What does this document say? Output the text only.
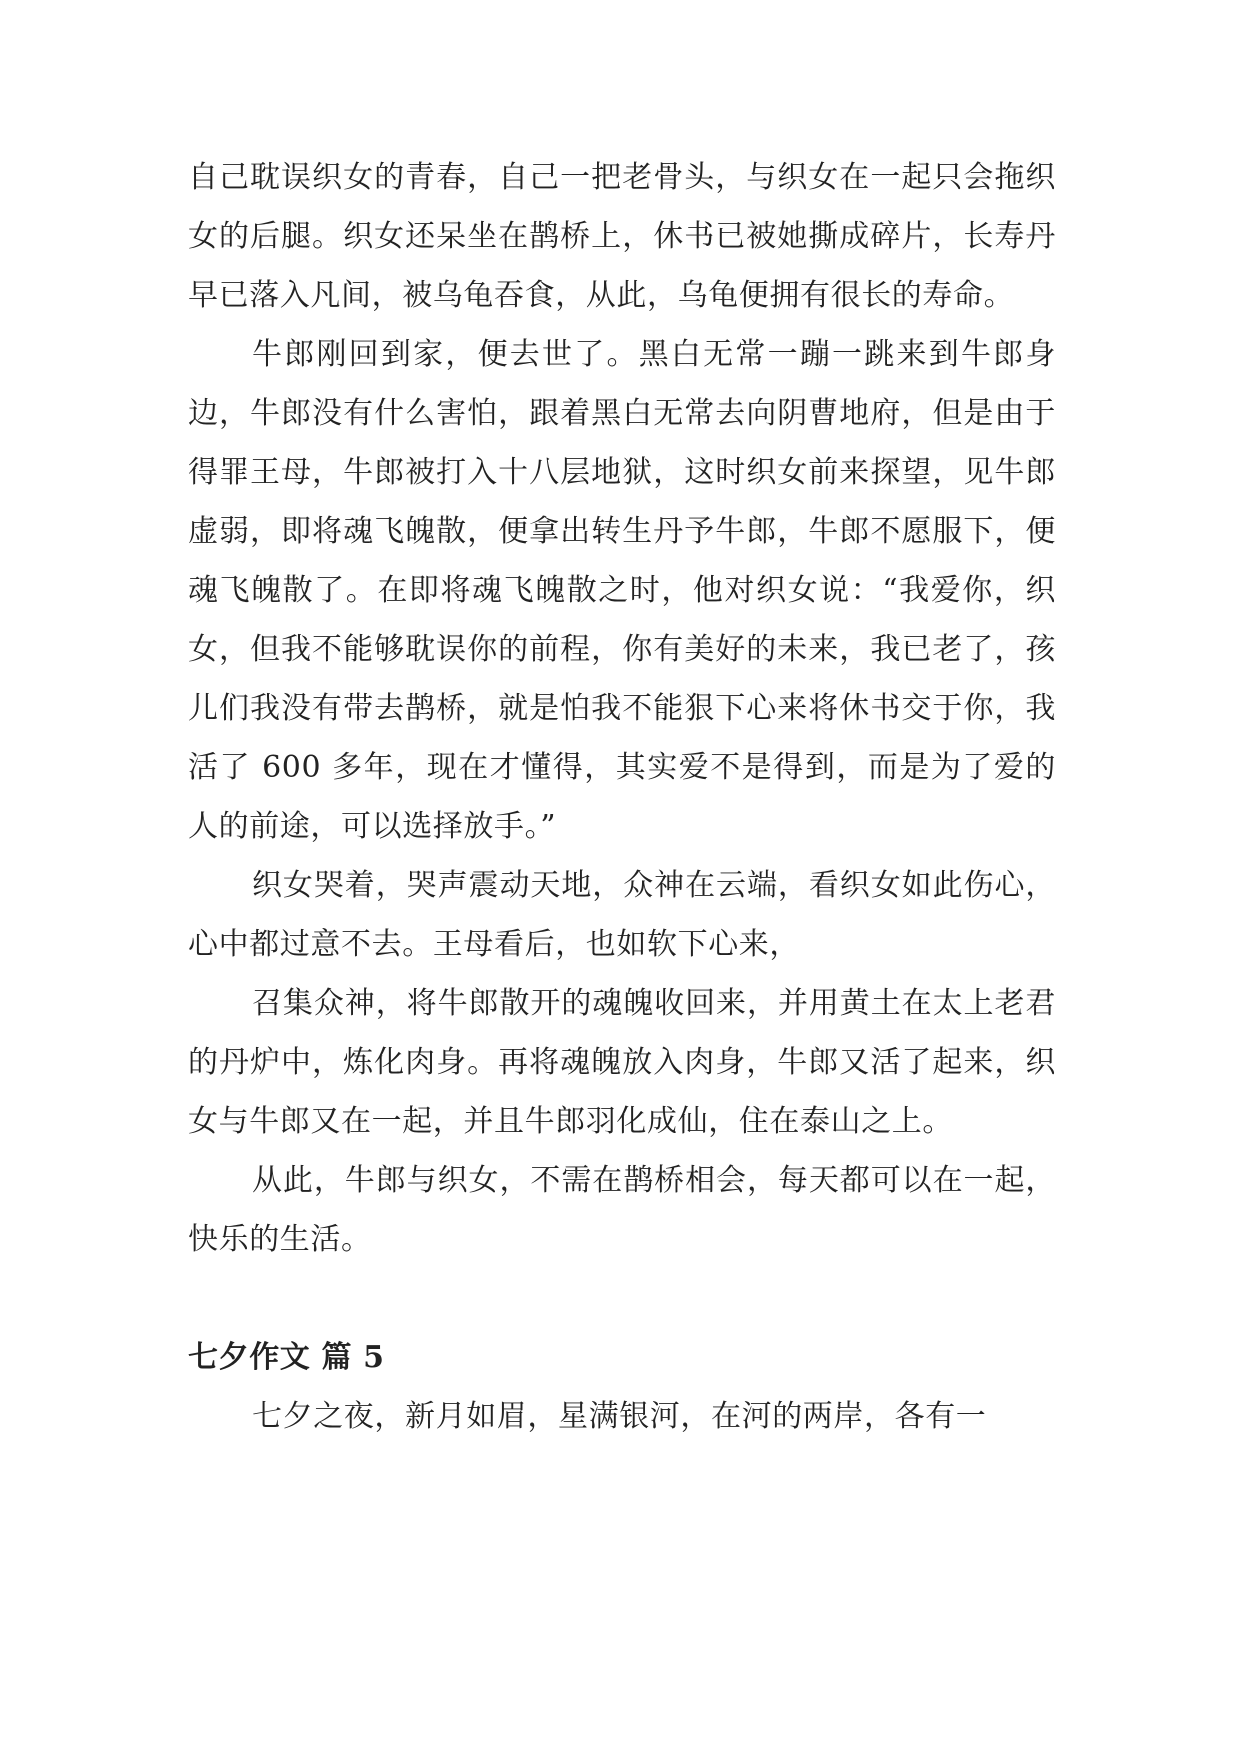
自己耽误织女的青春，自己一把老骨头，与织女在一起只会拖织女的后腿。织女还呆坐在鹊桥上，休书已被她撕成碎片，长寿丹早已落入凡间，被乌龟吞食，从此，乌龟便拥有很长的寿命。

牛郎刚回到家，便去世了。黑白无常一蹦一跳来到牛郎身边，牛郎没有什么害怕，跟着黑白无常去向阴曹地府，但是由于得罪王母，牛郎被打入十八层地狱，这时织女前来探望，见牛郎虚弱，即将魂飞魄散，便拿出转生丹予牛郎，牛郎不愿服下，便魂飞魄散了。在即将魂飞魄散之时，他对织女说：“我爱你，织女，但我不能够耽误你的前程，你有美好的未来，我已老了，孩儿们我没有带去鹊桥，就是怕我不能狠下心来将休书交于你，我活了 600 多年，现在才懂得，其实爱不是得到，而是为了爱的人的前途，可以选择放手。”

织女哭着，哭声震动天地，众神在云端，看织女如此伤心，心中都过意不去。王母看后，也如软下心来，

召集众神，将牛郎散开的魂魄收回来，并用黄土在太上老君的丹炉中，炼化肉身。再将魂魄放入肉身，牛郎又活了起来，织女与牛郎又在一起，并且牛郎羽化成仙，住在泰山之上。

从此，牛郎与织女，不需在鹊桥相会，每天都可以在一起，快乐的生活。

七夕作文 篇 5

七夕之夜，新月如眉，星满银河，在河的两岸，各有一
